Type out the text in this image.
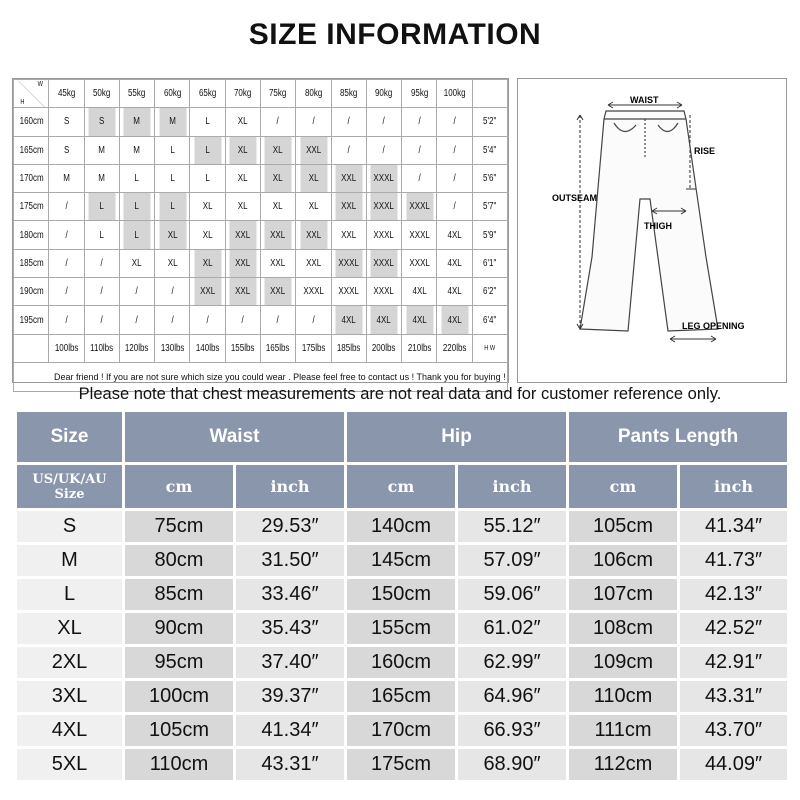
SIZE INFORMATION
W
H	45kg	50kg	55kg	60kg	65kg	70kg	75kg	80kg	85kg	90kg	95kg	100kg	
160cm	S	S	M	M	L	XL	/	/	/	/	/	/	5'2"
165cm	S	M	M	L	L	XL	XL	XXL	/	/	/	/	5'4"
170cm	M	M	L	L	L	XL	XL	XL	XXL	XXXL	/	/	5'6"
175cm	/	L	L	L	XL	XL	XL	XL	XXL	XXXL	XXXL	/	5'7"
180cm	/	L	L	XL	XL	XXL	XXL	XXL	XXL	XXXL	XXXL	4XL	5'9"
185cm	/	/	XL	XL	XL	XXL	XXL	XXL	XXXL	XXXL	XXXL	4XL	6'1"
190cm	/	/	/	/	XXL	XXL	XXL	XXXL	XXXL	XXXL	4XL	4XL	6'2"
195cm	/	/	/	/	/	/	/	/	4XL	4XL	4XL	4XL	6'4"
	100lbs	110lbs	120lbs	130lbs	140lbs	155lbs	165lbs	175lbs	185lbs	200lbs	210lbs	220lbs	H W
Dear friend ! If you are not sure which size you could wear . Please feel free to contact us ! Thank you for buying !													
WAIST
RISE
OUTSEAM
THIGH
LEG OPENING
Please note that chest measurements are not real data and for customer reference only.
Size	Waist		Hip		Pants Length	
US/UK/AU Size	cm	inch	cm	inch	cm	inch
S	75cm	29.53″	140cm	55.12″	105cm	41.34″
M	80cm	31.50″	145cm	57.09″	106cm	41.73″
L	85cm	33.46″	150cm	59.06″	107cm	42.13″
XL	90cm	35.43″	155cm	61.02″	108cm	42.52″
2XL	95cm	37.40″	160cm	62.99″	109cm	42.91″
3XL	100cm	39.37″	165cm	64.96″	110cm	43.31″
4XL	105cm	41.34″	170cm	66.93″	111cm	43.70″
5XL	110cm	43.31″	175cm	68.90″	112cm	44.09″
